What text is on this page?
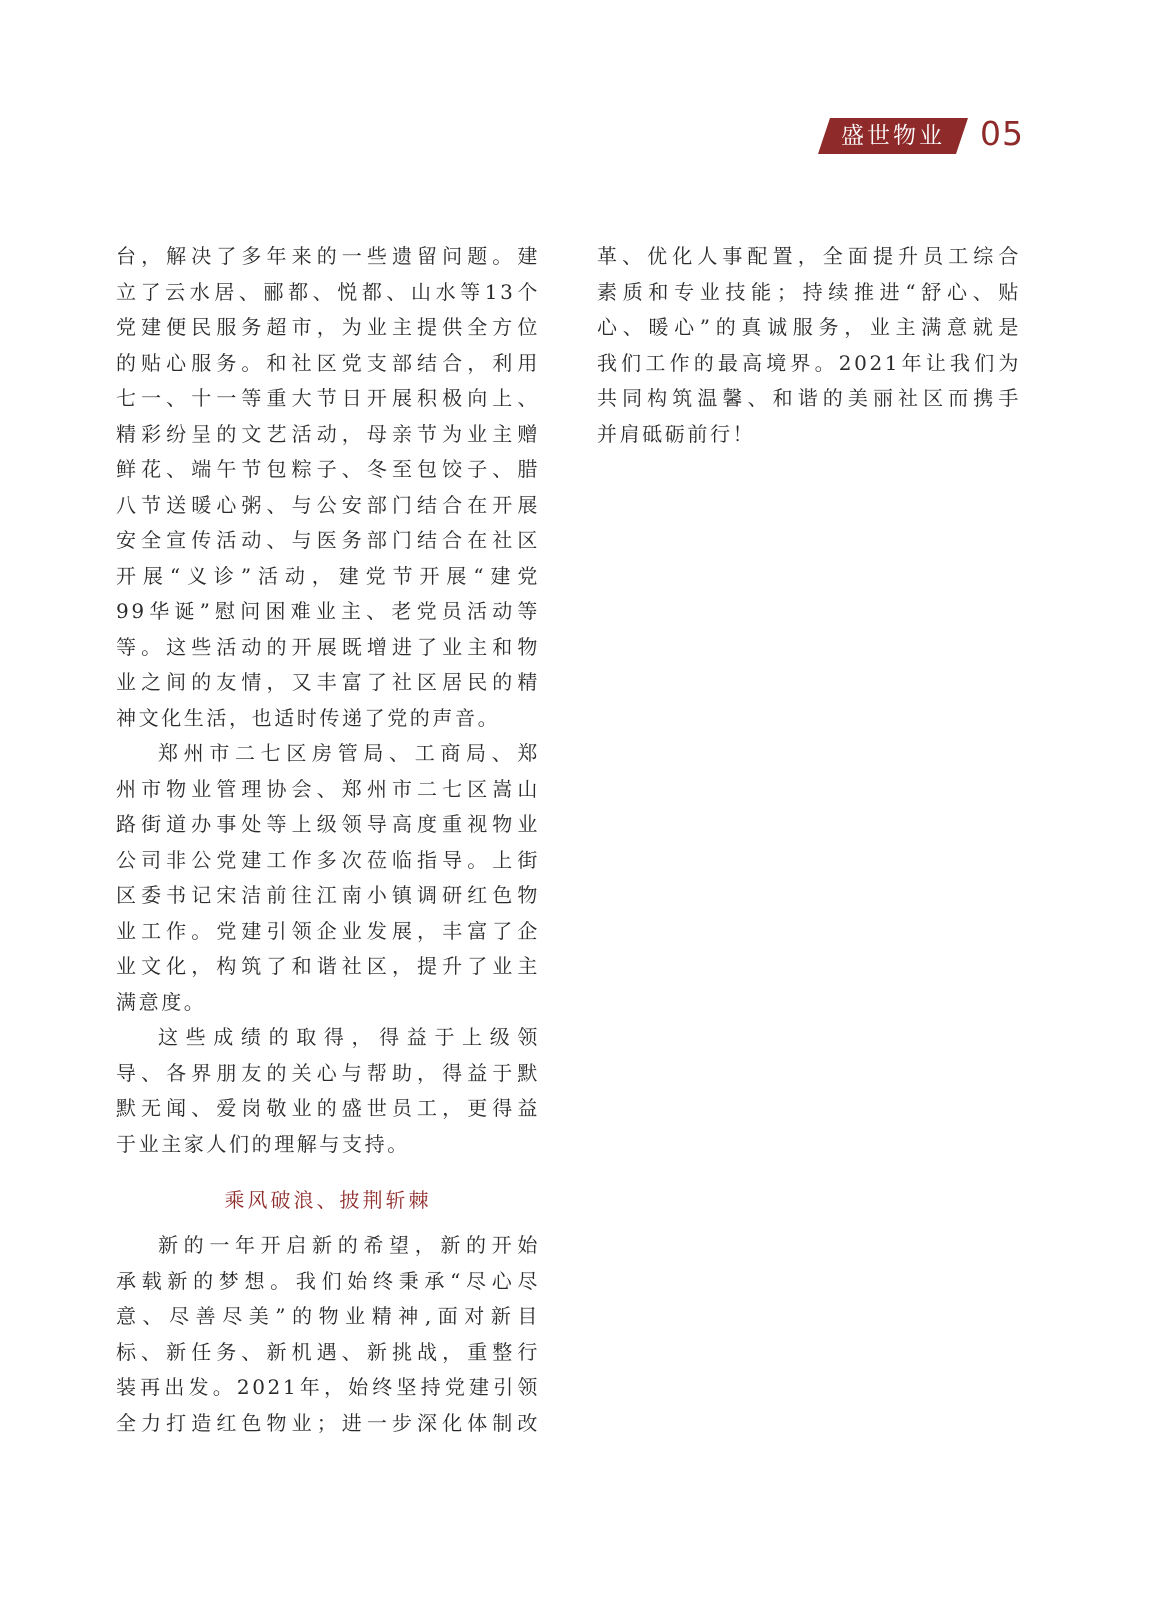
盛世物业	05
台，解决了多年来的一些遗留问题。建
立了云水居、郦都、悦都、山水等13个
党建便民服务超市，为业主提供全方位
的贴心服务。和社区党支部结合，利用
七一、十一等重大节日开展积极向上、
精彩纷呈的文艺活动，母亲节为业主赠
鲜花、端午节包粽子、冬至包饺子、腊
八节送暖心粥、与公安部门结合在开展
安全宣传活动、与医务部门结合在社区
开展“义诊”活动，建党节开展“建党
99华诞”慰问困难业主、老党员活动等
等。这些活动的开展既增进了业主和物
业之间的友情，又丰富了社区居民的精
神文化生活，也适时传递了党的声音。
郑州市二七区房管局、工商局、郑
州市物业管理协会、郑州市二七区嵩山
路街道办事处等上级领导高度重视物业
公司非公党建工作多次莅临指导。上街
区委书记宋洁前往江南小镇调研红色物
业工作。党建引领企业发展，丰富了企
业文化，构筑了和谐社区，提升了业主
满意度。
这些成绩的取得，得益于上级领
导、各界朋友的关心与帮助，得益于默
默无闻、爱岗敬业的盛世员工，更得益
于业主家人们的理解与支持。
乘风破浪、披荆斩棘
新的一年开启新的希望，新的开始
承载新的梦想。我们始终秉承“尽心尽
意、尽善尽美”的物业精神,面对新目
标、新任务、新机遇、新挑战，重整行
装再出发。2021年，始终坚持党建引领
全力打造红色物业；进一步深化体制改
革、优化人事配置，全面提升员工综合
素质和专业技能；持续推进“舒心、贴
心、暖心”的真诚服务，业主满意就是
我们工作的最高境界。2021年让我们为
共同构筑温馨、和谐的美丽社区而携手
并肩砥砺前行！
